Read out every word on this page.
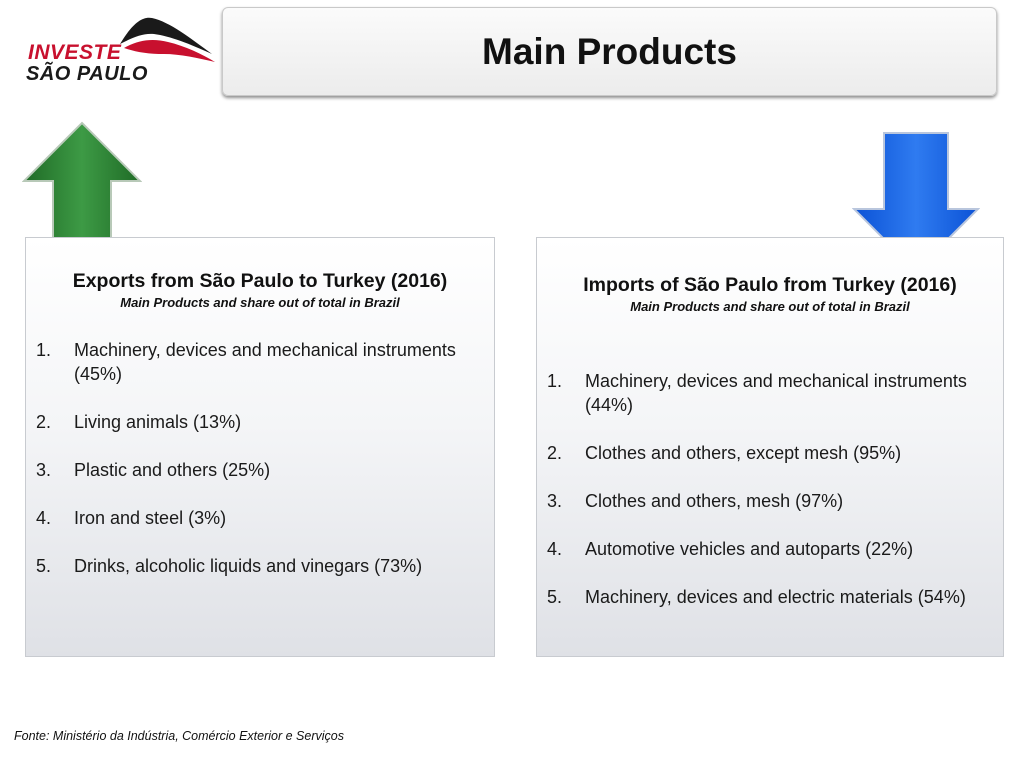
INVESTE
SÃO PAULO
Main Products
Exports from São Paulo to Turkey (2016)

Main Products and share out of total in Brazil

1.	Machinery, devices and mechanical instruments (45%)
2.	Living animals (13%)
3.	Plastic and others (25%)
4.	Iron and steel (3%)
5.	Drinks, alcoholic liquids and vinegars (73%)
Imports of São Paulo from Turkey (2016)

Main Products and share out of total in Brazil

1.	Machinery, devices and mechanical instruments (44%)
2.	Clothes and others, except mesh (95%)
3.	Clothes and others, mesh (97%)
4.	Automotive vehicles and autoparts (22%)
5.	Machinery, devices and electric materials (54%)
Fonte: Ministério da Indústria, Comércio Exterior e Serviços
